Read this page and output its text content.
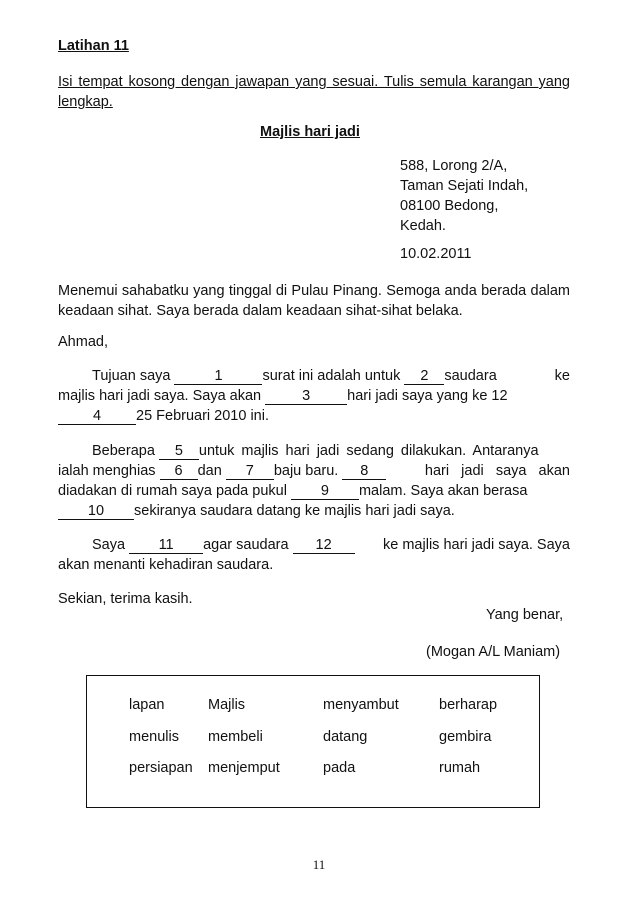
Latihan 11
Isi tempat kosong dengan jawapan yang sesuai. Tulis semula karangan yang lengkap.
Majlis hari jadi
588, Lorong 2/A,
Taman Sejati Indah,
08100 Bedong,
Kedah.
10.02.2011
Menemui sahabatku yang tinggal di Pulau Pinang. Semoga anda berada dalam keadaan sihat. Saya berada dalam keadaan sihat-sihat belaka.
Ahmad,
Tujuan saya	1	surat ini adalah untuk 2 saudara	ke
majlis hari jadi saya. Saya akan	3	hari jadi saya yang ke 12
4 25 Februari 2010 ini.
Beberapa 5 untuk majlis hari jadi sedang dilakukan. Antaranya
ialah menghias 6 dan 7 baju baru. 8	hari   jadi   saya   akan
diadakan di rumah saya pada pukul 9 malam. Saya akan berasa
10 sekiranya saudara datang ke majlis hari jadi saya.
Saya 11 agar saudara 12	ke majlis hari jadi saya. Saya
akan menanti kehadiran saudara.
Sekian, terima kasih.
Yang benar,
(Mogan A/L Maniam)
lapan	Majlis	menyambut	berharap
menulis membeli	datang	gembira
persiapan menjemput	pada	rumah
11
